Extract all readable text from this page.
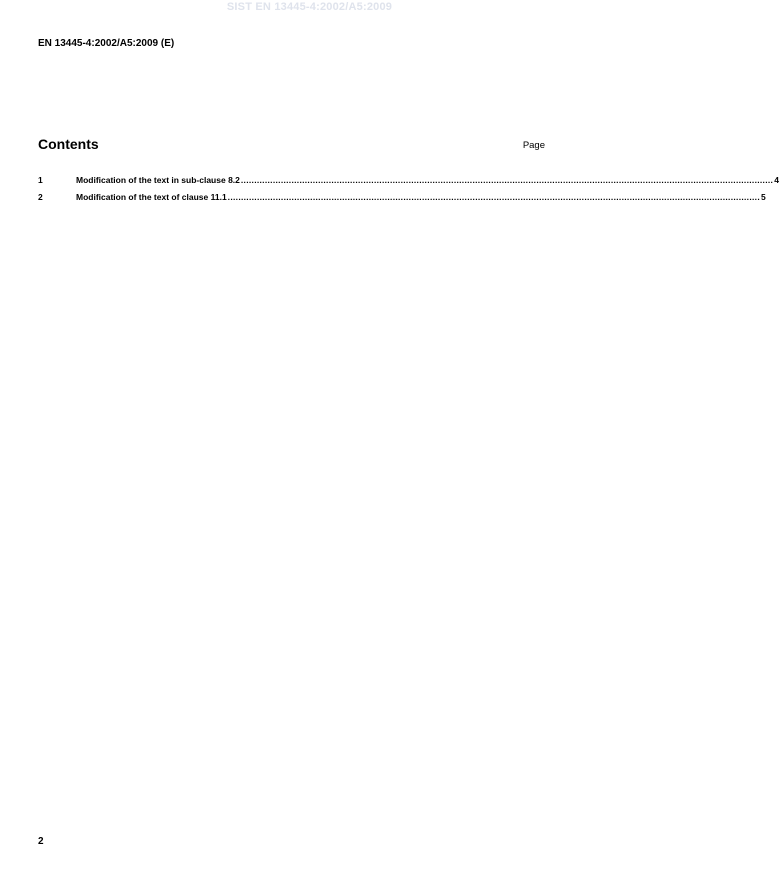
SIST EN 13445-4:2002/A5:2009
EN 13445-4:2002/A5:2009 (E)
Contents	Page
1	Modification of the text in sub-clause 8.2 ........................................................................................................................................................................................................ 4
2	Modification of the text of clause 11.1 ........................................................................................................................................................................................................ 5
2
